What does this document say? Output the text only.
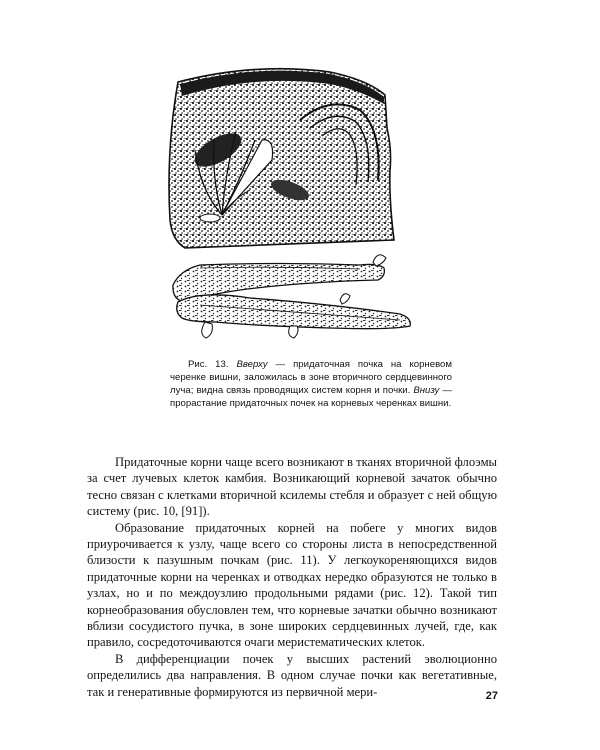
Рис. 13. Вверху — придаточная почка на корневом черенке вишни, заложилась в зоне вторичного сердцевинного луча; видна связь проводящих систем корня и почки. Внизу — прорастание придаточных почек на корневых черенках вишни.

Придаточные корни чаще всего возникают в тканях вторичной флоэмы за счет лучевых клеток камбия. Возникающий корневой зачаток обычно тесно связан с клетками вторичной ксилемы стебля и образует с ней общую систему (рис. 10, [91]).

Образование придаточных корней на побеге у многих видов приурочивается к узлу, чаще всего со стороны листа в непосредственной близости к пазушным почкам (рис. 11). У легкоукореняющихся видов придаточные корни на черенках и отводках нередко образуются не только в узлах, но и по междоузлию продольными рядами (рис. 12). Такой тип корнеобразования обусловлен тем, что корневые зачатки обычно возникают вблизи сосудистого пучка, в зоне широких сердцевинных лучей, где, как правило, сосредоточиваются очаги меристематических клеток.

В дифференциации почек у высших растений эволюционно определились два направления. В одном случае почки как вегетативные, так и генеративные формируются из первичной мери-	27
